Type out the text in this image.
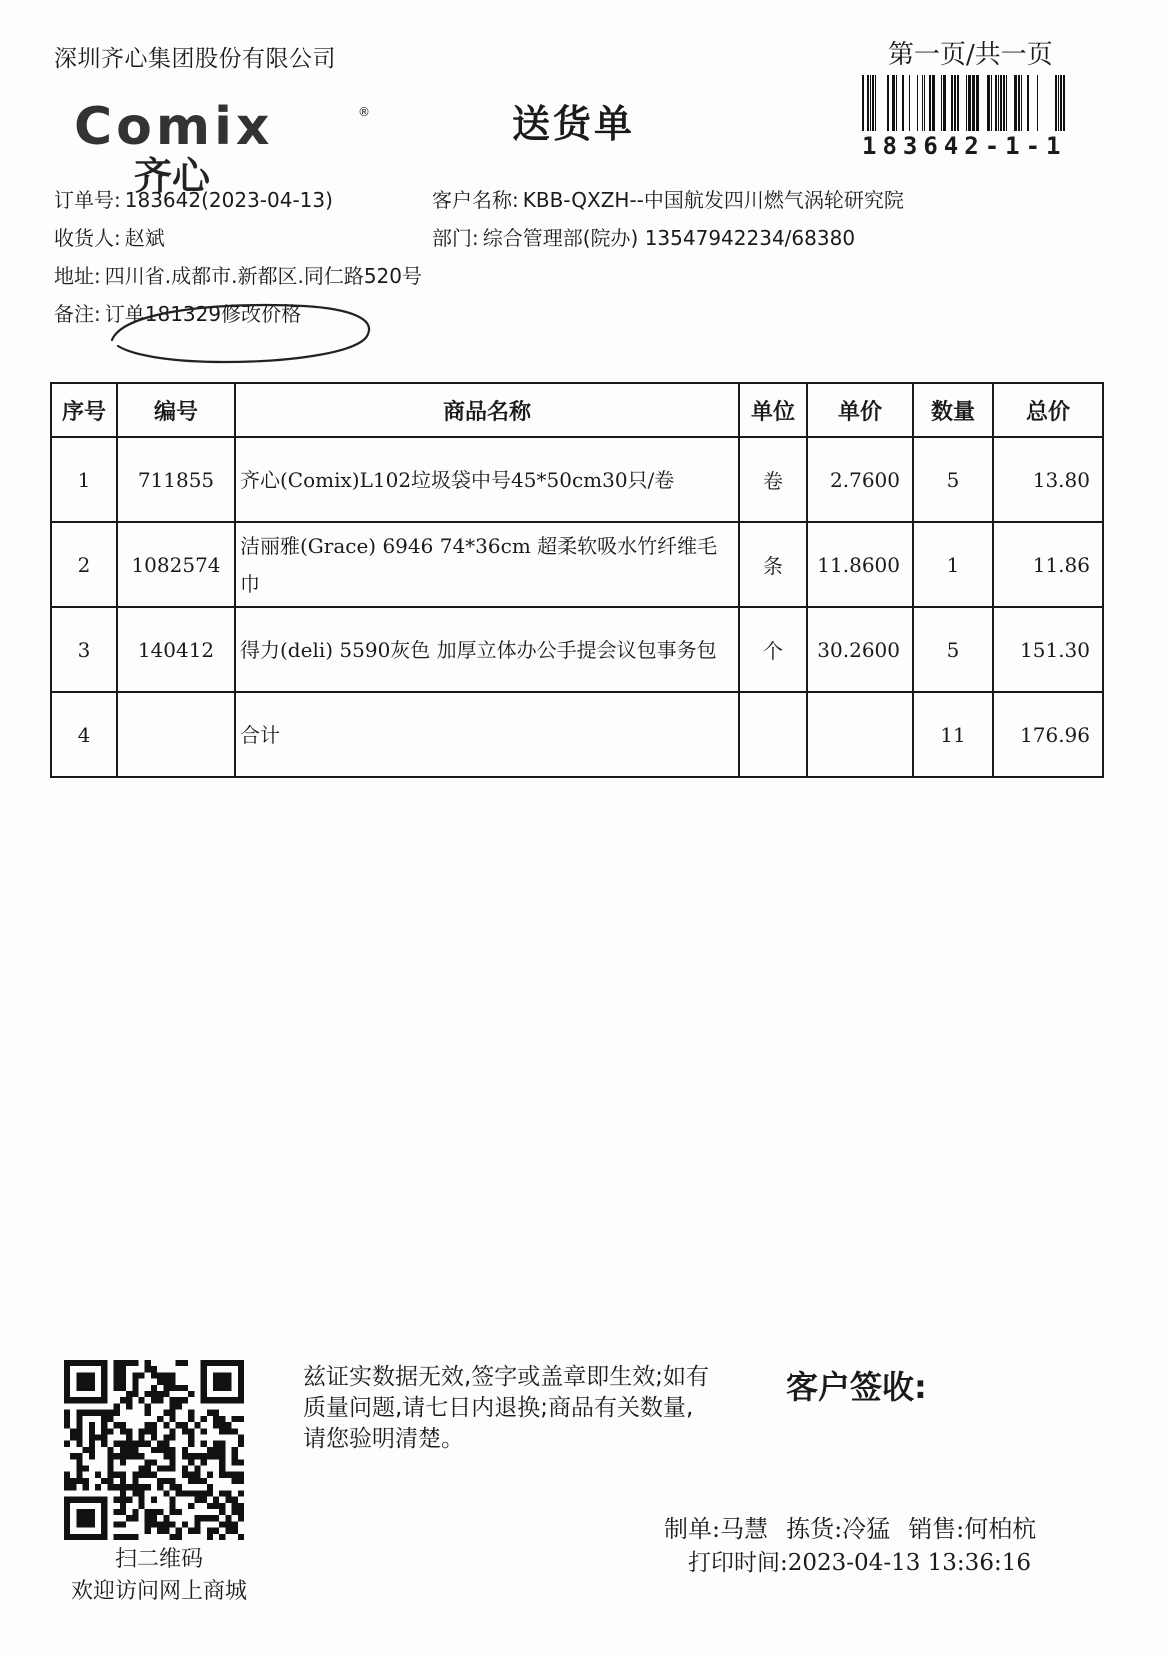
深圳齐心集团股份有限公司	第一页/共一页
Comix
齐心
®	送货单	183642-1-1
订单号: 183642(2023-04-13)	客户名称: KBB-QXZH--中国航发四川燃气涡轮研究院
收货人: 赵斌	部门: 综合管理部(院办) 13547942234/68380
地址: 四川省.成都市.新都区.同仁路520号
备注: 订单181329修改价格
序号	编号	商品名称	单位	单价	数量	总价
1	711855	齐心(Comix)L102垃圾袋中号45*50cm30只/卷	卷	2.7600	5	13.80
2	1082574	洁丽雅(Grace) 6946 74*36cm 超柔软吸水竹纤维毛巾	条	11.8600	1	11.86
3	140412	得力(deli) 5590灰色 加厚立体办公手提会议包事务包	个	30.2600	5	151.30
4		合计			11	176.96
扫二维码
欢迎访问网上商城
兹证实数据无效,签字或盖章即生效;如有质量问题,请七日内退换;商品有关数量,请您验明清楚。
客户签收:
制单:马慧 拣货:冷猛 销售:何柏杭
打印时间:2023-04-13 13:36:16
